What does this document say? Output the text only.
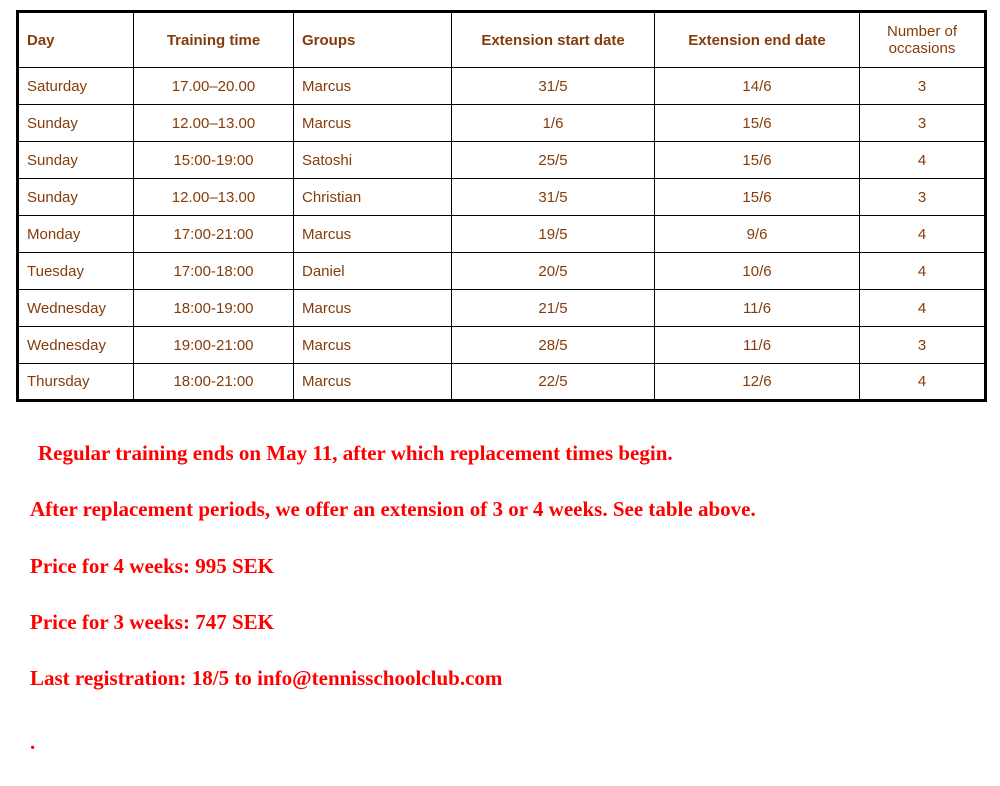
Day	Training time	Groups	Extension start date	Extension end date	Number of occasions
Saturday	17.00–20.00	Marcus	31/5	14/6	3
Sunday	12.00–13.00	Marcus	1/6	15/6	3
Sunday	15:00-19:00	Satoshi	25/5	15/6	4
Sunday	12.00–13.00	Christian	31/5	15/6	3
Monday	17:00-21:00	Marcus	19/5	9/6	4
Tuesday	17:00-18:00	Daniel	20/5	10/6	4
Wednesday	18:00-19:00	Marcus	21/5	11/6	4
Wednesday	19:00-21:00	Marcus	28/5	11/6	3
Thursday	18:00-21:00	Marcus	22/5	12/6	4

Regular training ends on May 11, after which replacement times begin.

After replacement periods, we offer an extension of 3 or 4 weeks. See table above.

Price for 4 weeks: 995 SEK

Price for 3 weeks: 747 SEK

Last registration: 18/5 to info@tennisschoolclub.com

.
